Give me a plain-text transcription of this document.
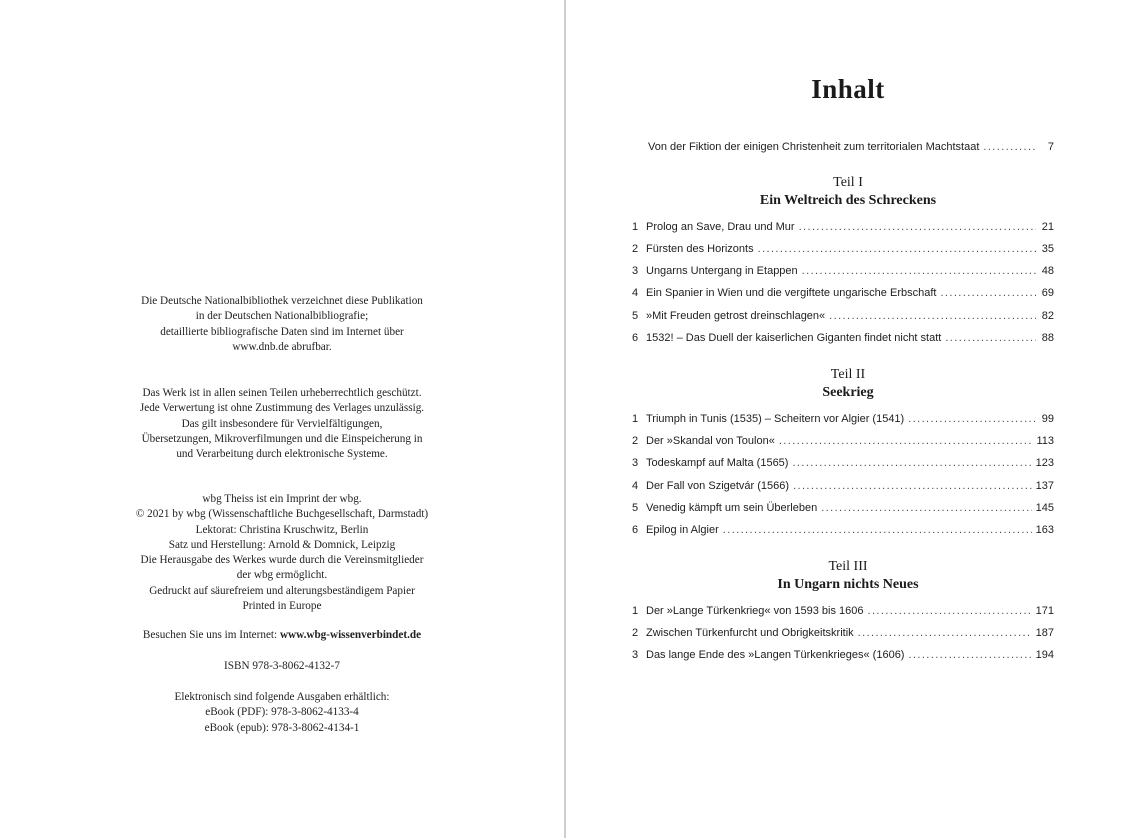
Die Deutsche Nationalbibliothek verzeichnet diese Publikation
in der Deutschen Nationalbibliografie;
detaillierte bibliografische Daten sind im Internet über
www.dnb.de abrufbar.
Das Werk ist in allen seinen Teilen urheberrechtlich geschützt.
Jede Verwertung ist ohne Zustimmung des Verlages unzulässig.
Das gilt insbesondere für Vervielfältigungen,
Übersetzungen, Mikroverfilmungen und die Einspeicherung in
und Verarbeitung durch elektronische Systeme.
wbg Theiss ist ein Imprint der wbg.
© 2021 by wbg (Wissenschaftliche Buchgesellschaft, Darmstadt)
Lektorat: Christina Kruschwitz, Berlin
Satz und Herstellung: Arnold & Domnick, Leipzig
Die Herausgabe des Werkes wurde durch die Vereinsmitglieder
der wbg ermöglicht.
Gedruckt auf säurefreiem und alterungsbeständigem Papier
Printed in Europe
Besuchen Sie uns im Internet: www.wbg-wissenverbindet.de
ISBN 978-3-8062-4132-7
Elektronisch sind folgende Ausgaben erhältlich:
eBook (PDF): 978-3-8062-4133-4
eBook (epub): 978-3-8062-4134-1
Inhalt
Von der Fiktion der einigen Christenheit zum territorialen Machtstaat .....	7
Teil I
Ein Weltreich des Schreckens
1 Prolog an Save, Drau und Mur .....	21
2 Fürsten des Horizonts .....	35
3 Ungarns Untergang in Etappen .....	48
4 Ein Spanier in Wien und die vergiftete ungarische Erbschaft .....	69
5 »Mit Freuden getrost dreinschlagen« .....	82
6 1532! – Das Duell der kaiserlichen Giganten findet nicht statt .....	88
Teil II
Seekrieg
1 Triumph in Tunis (1535) – Scheitern vor Algier (1541) .....	99
2 Der »Skandal von Toulon« .....	113
3 Todeskampf auf Malta (1565) .....	123
4 Der Fall von Szigetvár (1566) .....	137
5 Venedig kämpft um sein Überleben .....	145
6 Epilog in Algier .....	163
Teil III
In Ungarn nichts Neues
1 Der »Lange Türkenkrieg« von 1593 bis 1606 .....	171
2 Zwischen Türkenfurcht und Obrigkeitskritik .....	187
3 Das lange Ende des »Langen Türkenkrieges« (1606) .....	194
